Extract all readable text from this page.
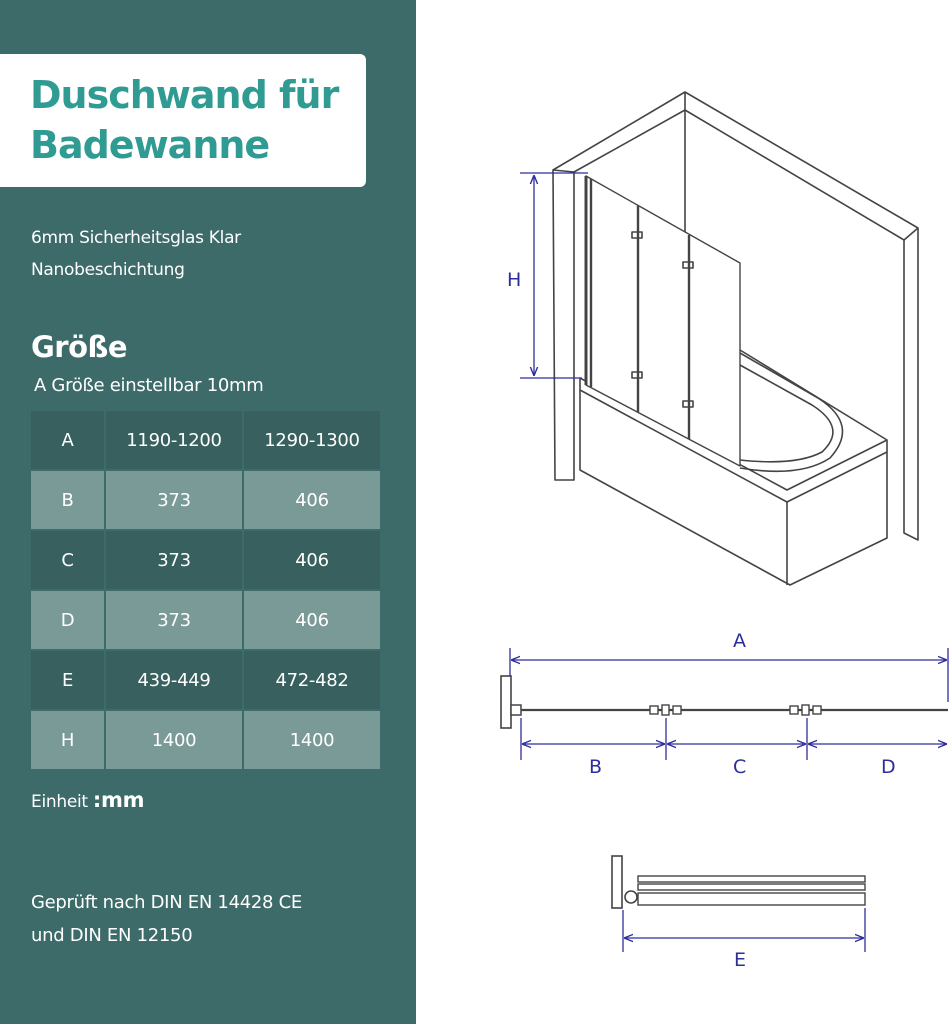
Duschwand für
Badewanne
6mm Sicherheitsglas Klar
Nanobeschichtung
Größe
A Größe einstellbar 10mm
A	1190-1200	1290-1300
B	373	406
C	373	406
D	373	406
E	439-449	472-482
H	1400	1400
Einheit :mm
Geprüft nach DIN EN 14428 CE
und DIN EN 12150
H
A
B	C	D
E
